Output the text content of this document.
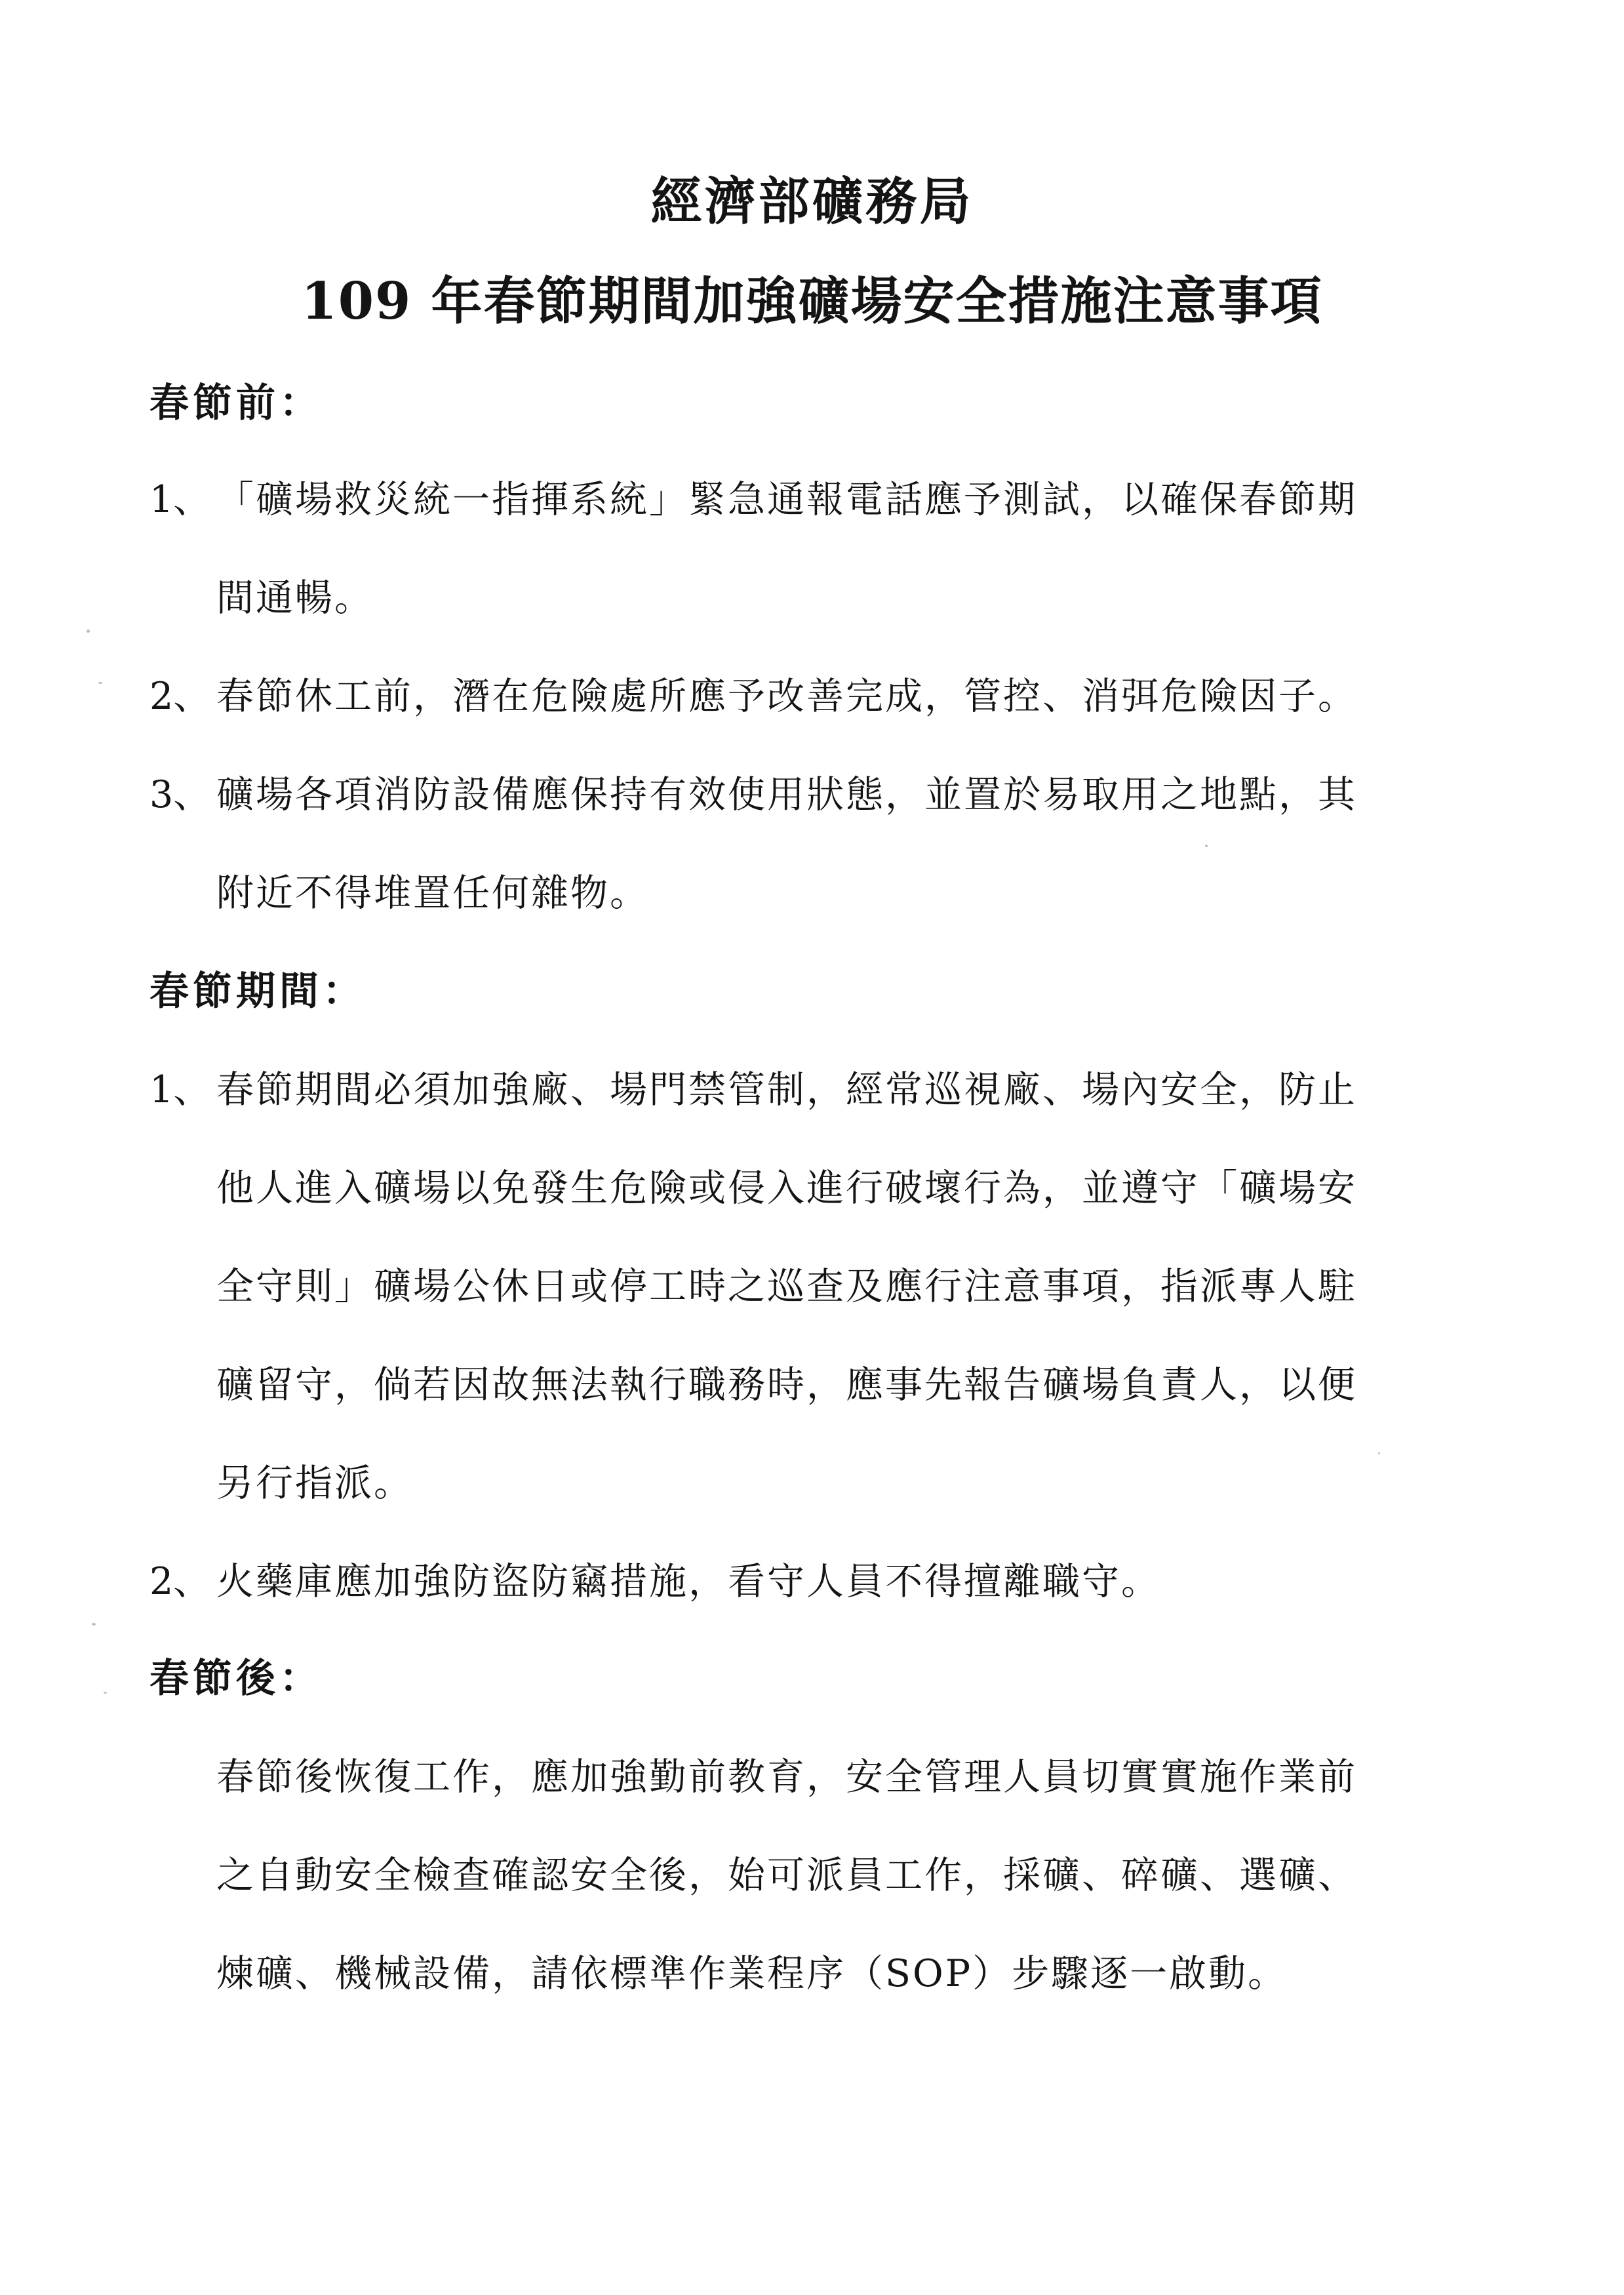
經濟部礦務局
109 年春節期間加強礦場安全措施注意事項
春節前：
1、 「礦場救災統一指揮系統」緊急通報電話應予測試，以確保春節期
間通暢。
2、 春節休工前，潛在危險處所應予改善完成，管控、消弭危險因子。
3、 礦場各項消防設備應保持有效使用狀態，並置於易取用之地點，其
附近不得堆置任何雜物。
春節期間：
1、 春節期間必須加強廠、場門禁管制，經常巡視廠、場內安全，防止
他人進入礦場以免發生危險或侵入進行破壞行為，並遵守「礦場安
全守則」礦場公休日或停工時之巡查及應行注意事項，指派專人駐
礦留守，倘若因故無法執行職務時，應事先報告礦場負責人，以便
另行指派。
2、 火藥庫應加強防盜防竊措施，看守人員不得擅離職守。
春節後：
春節後恢復工作，應加強勤前教育，安全管理人員切實實施作業前
之自動安全檢查確認安全後，始可派員工作，採礦、碎礦、選礦、
煉礦、機械設備，請依標準作業程序（SOP）步驟逐一啟動。
